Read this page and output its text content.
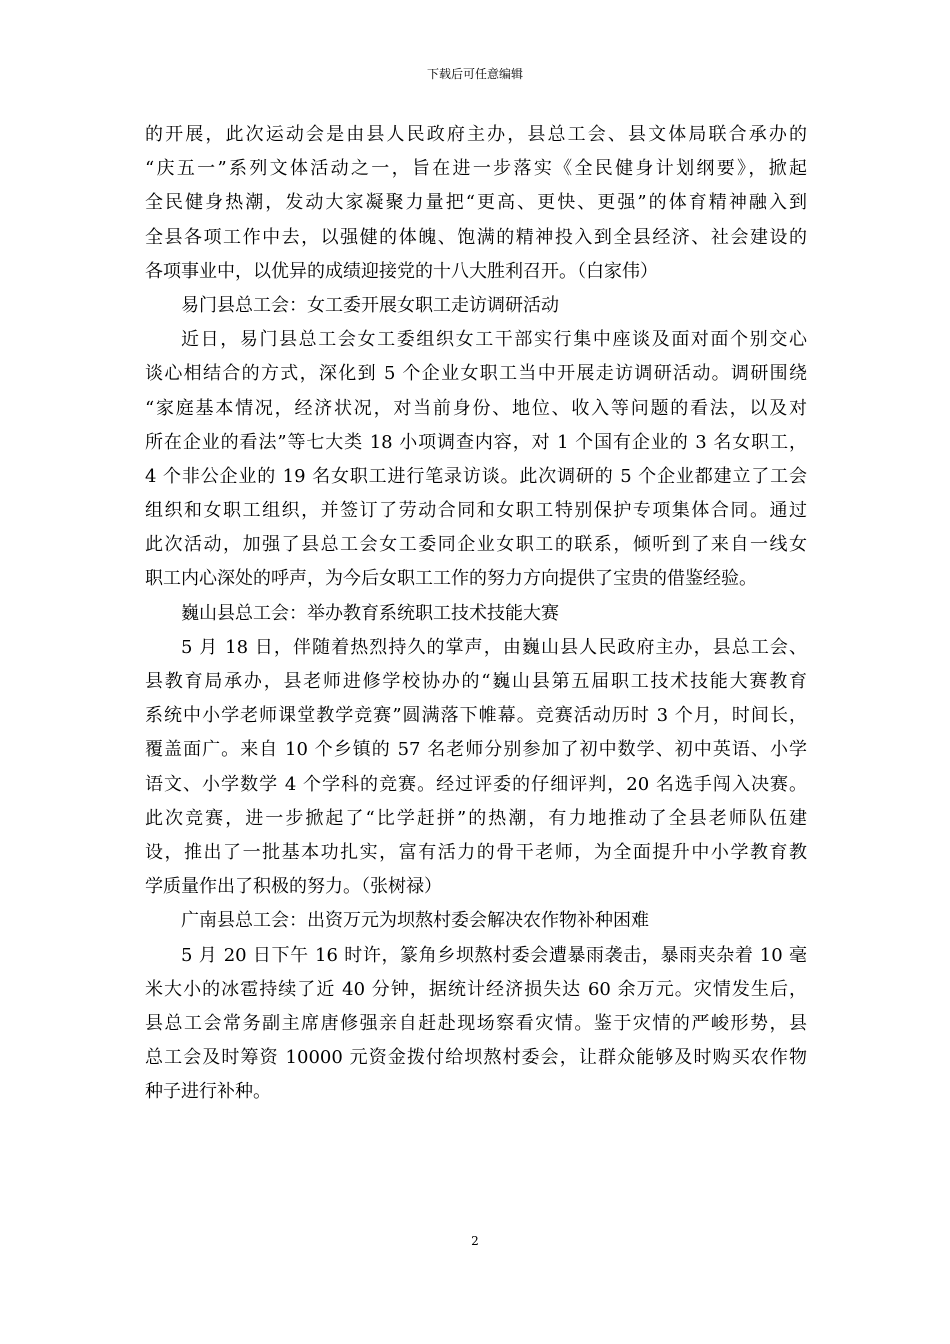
下载后可任意编辑
的开展，此次运动会是由县人民政府主办，县总工会、县文体局联合承办的
“庆五一”系列文体活动之一，旨在进一步落实《全民健身计划纲要》，掀起
全民健身热潮，发动大家凝聚力量把“更高、更快、更强”的体育精神融入到
全县各项工作中去，以强健的体魄、饱满的精神投入到全县经济、社会建设的
各项事业中，以优异的成绩迎接党的十八大胜利召开。（白家伟）
易门县总工会：女工委开展女职工走访调研活动
近日，易门县总工会女工委组织女工干部实行集中座谈及面对面个别交心
谈心相结合的方式，深化到 5 个企业女职工当中开展走访调研活动。调研围绕
“家庭基本情况，经济状况，对当前身份、地位、收入等问题的看法，以及对
所在企业的看法”等七大类 18 小项调查内容，对 1 个国有企业的 3 名女职工，
4 个非公企业的 19 名女职工进行笔录访谈。此次调研的 5 个企业都建立了工会
组织和女职工组织，并签订了劳动合同和女职工特别保护专项集体合同。通过
此次活动，加强了县总工会女工委同企业女职工的联系，倾听到了来自一线女
职工内心深处的呼声，为今后女职工工作的努力方向提供了宝贵的借鉴经验。
巍山县总工会：举办教育系统职工技术技能大赛
5 月 18 日，伴随着热烈持久的掌声，由巍山县人民政府主办，县总工会、
县教育局承办，县老师进修学校协办的“巍山县第五届职工技术技能大赛教育
系统中小学老师课堂教学竞赛”圆满落下帷幕。竞赛活动历时 3 个月，时间长，
覆盖面广。来自 10 个乡镇的 57 名老师分别参加了初中数学、初中英语、小学
语文、小学数学 4 个学科的竞赛。经过评委的仔细评判，20 名选手闯入决赛。
此次竞赛，进一步掀起了“比学赶拼”的热潮，有力地推动了全县老师队伍建
设，推出了一批基本功扎实，富有活力的骨干老师，为全面提升中小学教育教
学质量作出了积极的努力。（张树禄）
广南县总工会：出资万元为坝熬村委会解决农作物补种困难
5 月 20 日下午 16 时许，篆角乡坝熬村委会遭暴雨袭击，暴雨夹杂着 10 毫
米大小的冰雹持续了近 40 分钟，据统计经济损失达 60 余万元。灾情发生后，
县总工会常务副主席唐修强亲自赶赴现场察看灾情。鉴于灾情的严峻形势，县
总工会及时筹资 10000 元资金拨付给坝熬村委会，让群众能够及时购买农作物
种子进行补种。
2
